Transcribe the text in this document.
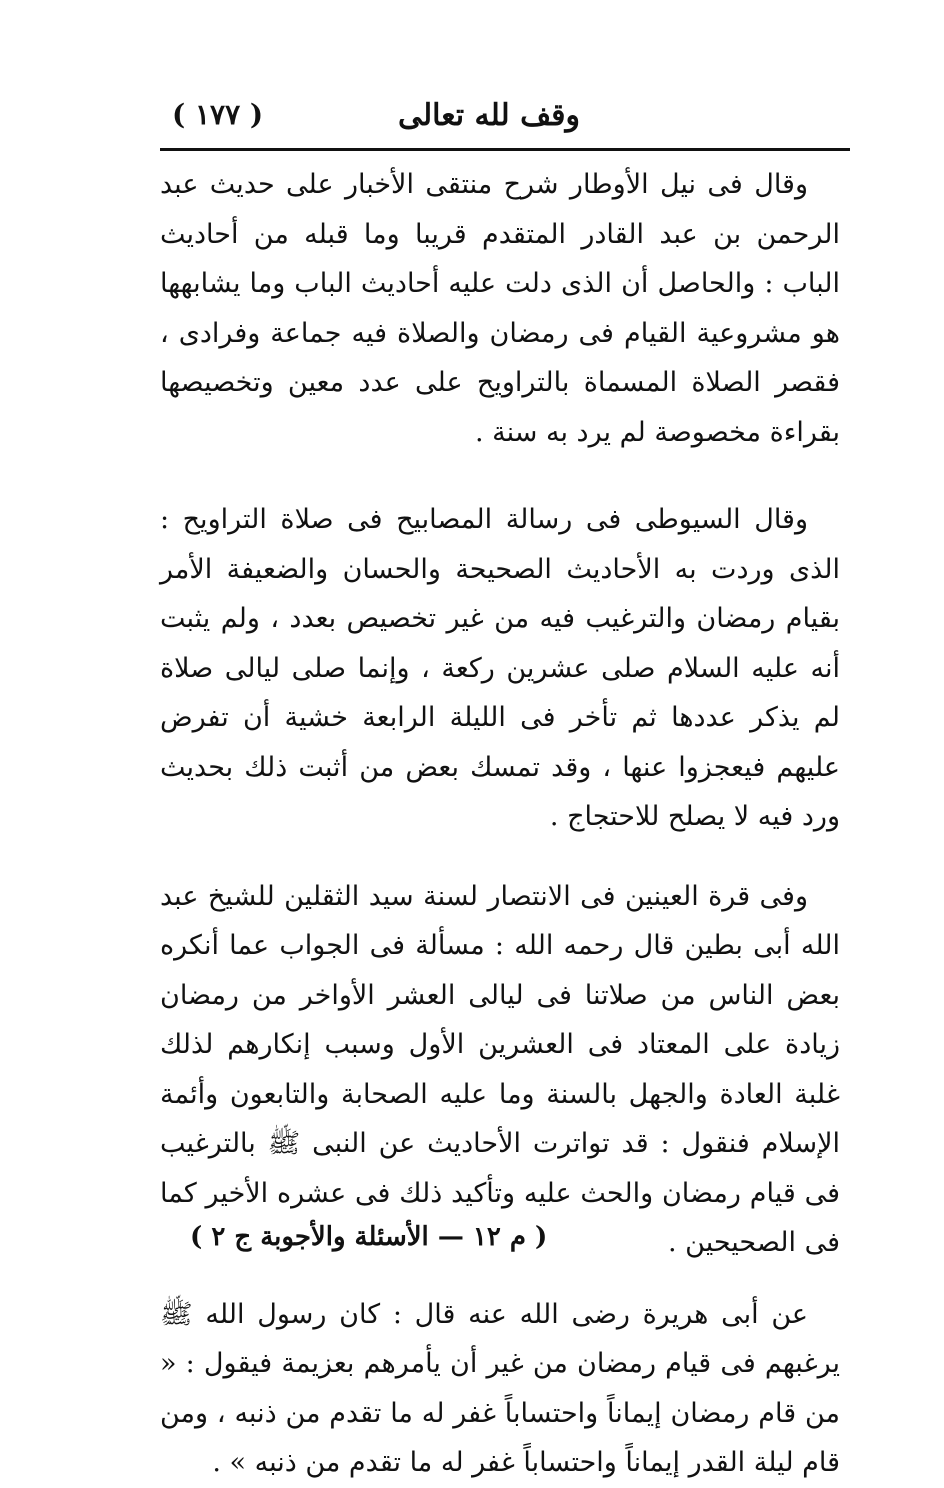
وقف لله تعالى
( ١٧٧ )

وقال فى نيل الأوطار شرح منتقى الأخبار على حديث عبد الرحمن بن عبد القادر المتقدم قريبا وما قبله من أحاديث الباب : والحاصل أن الذى دلت عليه أحاديث الباب وما يشابهها هو مشروعية القيام فى رمضان والصلاة فيه جماعة وفرادى ، فقصر الصلاة المسماة بالتراويح على عدد معين وتخصيصها بقراءة مخصوصة لم يرد به سنة .

وقال السيوطى فى رسالة المصابيح فى صلاة التراويح : الذى وردت به الأحاديث الصحيحة والحسان والضعيفة الأمر بقيام رمضان والترغيب فيه من غير تخصيص بعدد ، ولم يثبت أنه عليه السلام صلى عشرين ركعة ، وإنما صلى ليالى صلاة لم يذكر عددها ثم تأخر فى الليلة الرابعة خشية أن تفرض عليهم فيعجزوا عنها ، وقد تمسك بعض من أثبت ذلك بحديث ورد فيه لا يصلح للاحتجاج .

وفى قرة العينين فى الانتصار لسنة سيد الثقلين للشيخ عبد الله أبى بطين قال رحمه الله : مسألة فى الجواب عما أنكره بعض الناس من صلاتنا فى ليالى العشر الأواخر من رمضان زيادة على المعتاد فى العشرين الأول وسبب إنكارهم لذلك غلبة العادة والجهل بالسنة وما عليه الصحابة والتابعون وأئمة الإسلام فنقول : قد تواترت الأحاديث عن النبى ﷺ بالترغيب فى قيام رمضان والحث عليه وتأكيد ذلك فى عشره الأخير كما فى الصحيحين .

عن أبى هريرة رضى الله عنه قال : كان رسول الله ﷺ يرغبهم فى قيام رمضان من غير أن يأمرهم بعزيمة فيقول : « من قام رمضان إيماناً واحتساباً غفر له ما تقدم من ذنبه ، ومن قام ليلة القدر إيماناً واحتساباً غفر له ما تقدم من ذنبه » .

( م ١٢ — الأسئلة والأجوبة ج ٢ )
